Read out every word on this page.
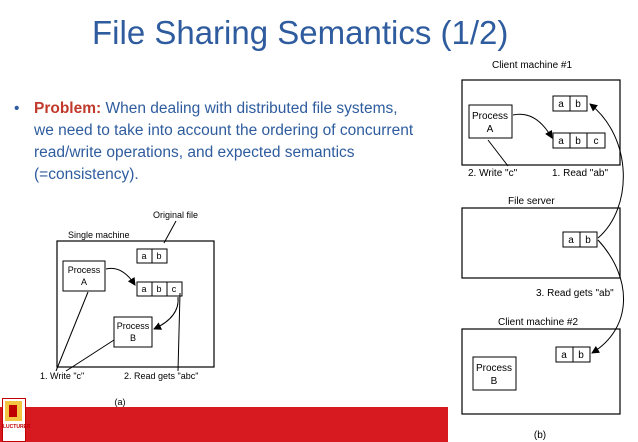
File Sharing Semantics (1/2)
• Problem: When dealing with distributed file systems, we need to take into account the ordering of concurrent read/write operations, and expected semantics (=consistency).
Original file
Single machine
Process
A
a b
a b c
Process
B
1. Write "c"	2. Read gets "abc"
(a)
Client machine #1
Process
A
a b
a b c
2. Write "c"	1. Read "ab"
File server
a b
3. Read gets "ab"
Client machine #2
Process
B
a b
(b)
LUCTURER
